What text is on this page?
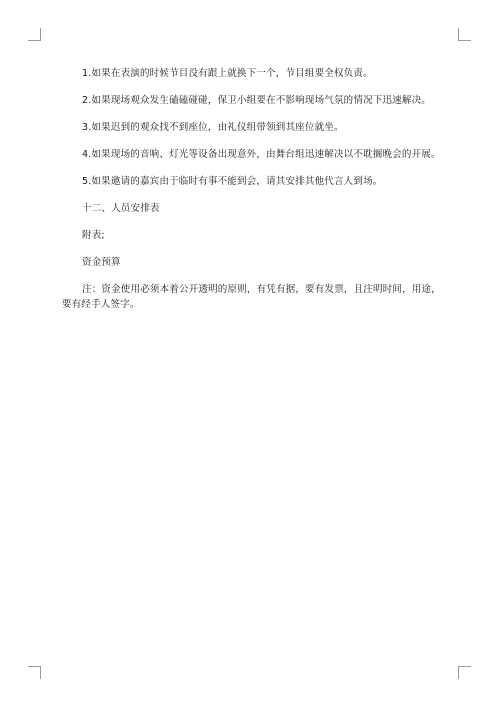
1.如果在表演的时候节目没有跟上就换下一个，节目组要全权负责。

2.如果现场观众发生磕磕碰碰，保卫小组要在不影响现场气氛的情况下迅速解决。

3.如果迟到的观众找不到座位，由礼仪组带领到其座位就坐。

4.如果现场的音响、灯光等设备出现意外，由舞台组迅速解决以不耽搁晚会的开展。

5.如果邀请的嘉宾由于临时有事不能到会，请其安排其他代言人到场。

十二、人员安排表

附表;

资金预算

注：资金使用必须本着公开透明的原则，有凭有据，要有发票，且注明时间，用途，要有经手人签字。
